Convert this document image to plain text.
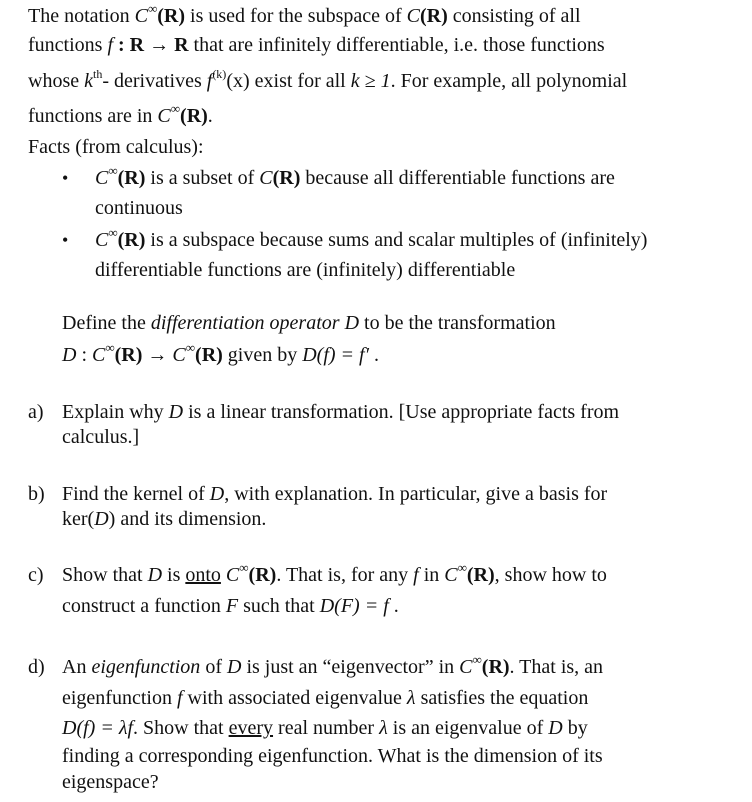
The notation C∞(R) is used for the subspace of C(R) consisting of all
functions f : R → R that are infinitely differentiable, i.e. those functions
whose $k^{th}-$ derivatives $f^{(k)}(x)$ exist for all k ≥ 1. For example, all polynomial
functions are in C∞(R).
Facts (from calculus):
• C∞(R) is a subset of C(R) because all differentiable functions are
continuous
• C∞(R) is a subspace because sums and scalar multiples of (infinitely)
differentiable functions are (infinitely) differentiable
Define the differentiation operator D to be the transformation
D : C∞(R) → C∞(R) given by D(f) = f′ .
a) Explain why D is a linear transformation. [Use appropriate facts from
calculus.]
b) Find the kernel of D, with explanation. In particular, give a basis for
ker(D) and its dimension.
c) Show that D is onto C∞(R). That is, for any f in C∞(R), show how to
construct a function F such that D(F) = f .
d) An eigenfunction of D is just an “eigenvector” in C∞(R). That is, an
eigenfunction f with associated eigenvalue λ satisfies the equation
D(f) = λf. Show that every real number λ is an eigenvalue of D by
finding a corresponding eigenfunction. What is the dimension of its
eigenspace?
